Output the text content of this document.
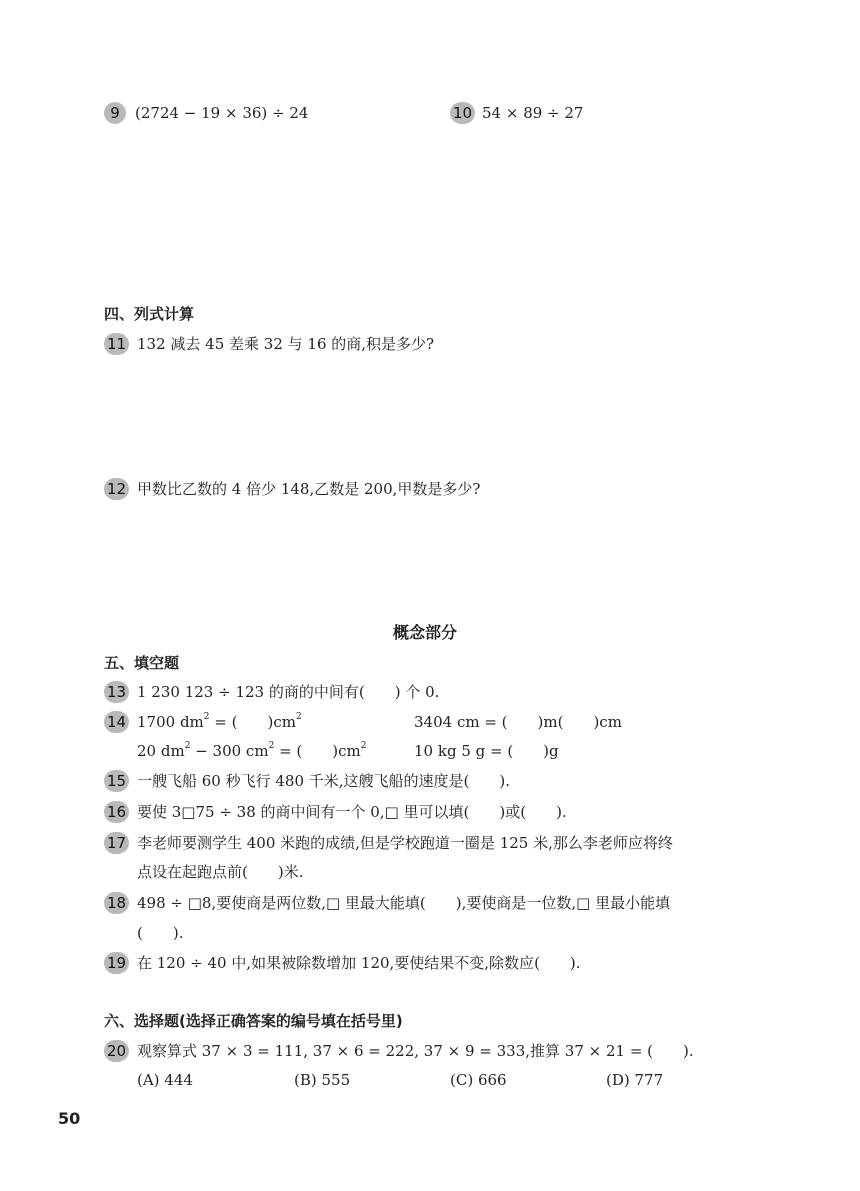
9	(2724 − 19 × 36) ÷ 24	10 54 × 89 ÷ 27
四、列式计算
11 132 减去 45 差乘 32 与 16 的商,积是多少?
12 甲数比乙数的 4 倍少 148,乙数是 200,甲数是多少?
概念部分
五、填空题
13 1 230 123 ÷ 123 的商的中间有(　　) 个 0.
14 1700 $dm^2$ = (　　)$cm^2$	3404 cm = (　　)m(　　)cm
20 $dm^2 - 300$ $cm^2$ = (　　)$cm^2$	10 kg 5 g = (　　)g
15 一艘飞船 60 秒飞行 480 千米,这艘飞船的速度是(　　).
16 要使 3□75 ÷ 38 的商中间有一个 0,□ 里可以填(　　)或(　　).
17 李老师要测学生 400 米跑的成绩,但是学校跑道一圈是 125 米,那么李老师应将终
点设在起跑点前(　　)米.
18 498 ÷ □8,要使商是两位数,□ 里最大能填(　　),要使商是一位数,□ 里最小能填
(　　).
19 在 120 ÷ 40 中,如果被除数增加 120,要使结果不变,除数应(　　).
六、选择题(选择正确答案的编号填在括号里)
20 观察算式 37 × 3 = 111, 37 × 6 = 222, 37 × 9 = 333,推算 37 × 21 = (　　).
(A) 444	(B) 555	(C) 666	(D) 777
50
